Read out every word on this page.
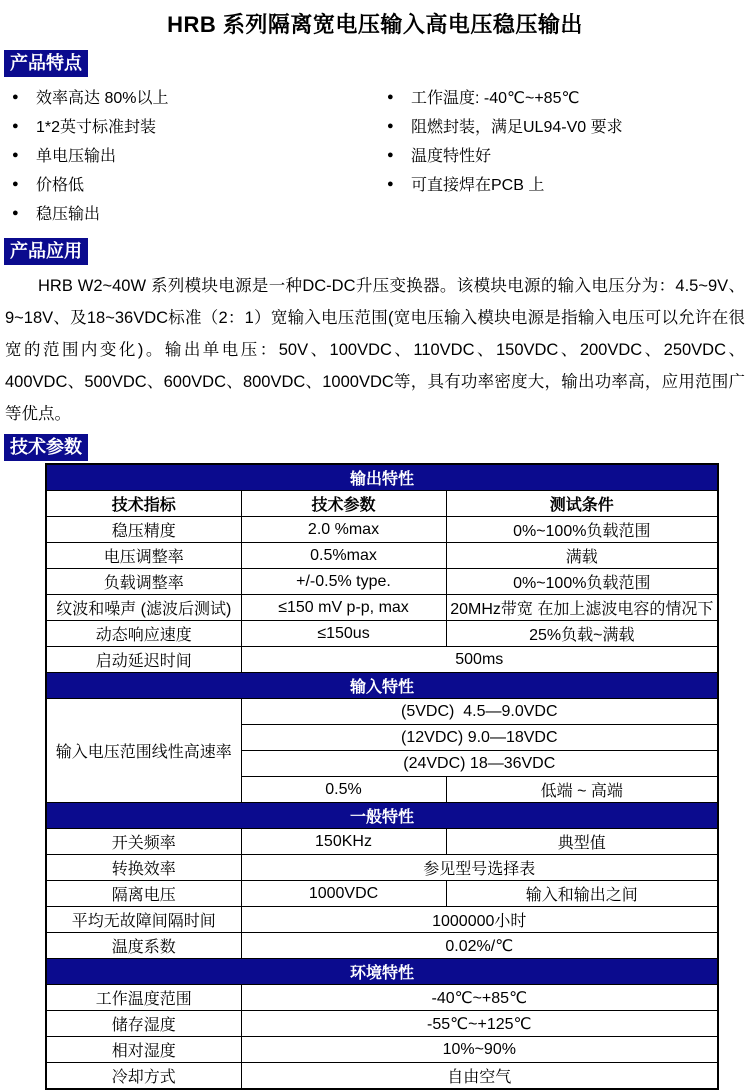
HRB 系列隔离宽电压输入高电压稳压输出
产品特点
●	效率高达 80%以上
●	1*2英寸标准封装
●	单电压输出
●	价格低
●	稳压输出
●	工作温度: -40℃~+85℃
●	阻燃封装，满足UL94-V0 要求
●	温度特性好
●	可直接焊在PCB 上
产品应用

HRB W2~40W 系列模块电源是一种DC-DC升压变换器。该模块电源的输入电压分为：4.5~9V、9~18V、及18~36VDC标准（2：1）宽输入电压范围(宽电压输入模块电源是指输入电压可以允许在很宽的范围内变化)。输出单电压：50V、100VDC、110VDC、150VDC、200VDC、250VDC、400VDC、500VDC、600VDC、800VDC、1000VDC等，具有功率密度大，输出功率高，应用范围广等优点。

技术参数
输出特性		
技术指标	技术参数	测试条件
稳压精度	2.0 %max	0%~100%负载范围
电压调整率	0.5%max	满载
负载调整率	+/-0.5% type.	0%~100%负载范围
纹波和噪声 (滤波后测试)	≤150 mV p-p, max	20MHz带宽 在加上滤波电容的情况下
动态响应速度	≤150us	25%负载~满载
启动延迟时间	500ms	
输入特性		
输入电压范围线性高速率	(5VDC)  4.5—9.0VDC	
	(12VDC) 9.0—18VDC	
	(24VDC) 18—36VDC	
	0.5%	低端 ~ 高端
一般特性		
开关频率	150KHz	典型值
转换效率	参见型号选择表	
隔离电压	1000VDC	输入和输出之间
平均无故障间隔时间	1000000小时	
温度系数	0.02%/℃	
环境特性		
工作温度范围	-40℃~+85℃	
储存湿度	-55℃~+125℃	
相对湿度	10%~90%	
冷却方式	自由空气	
